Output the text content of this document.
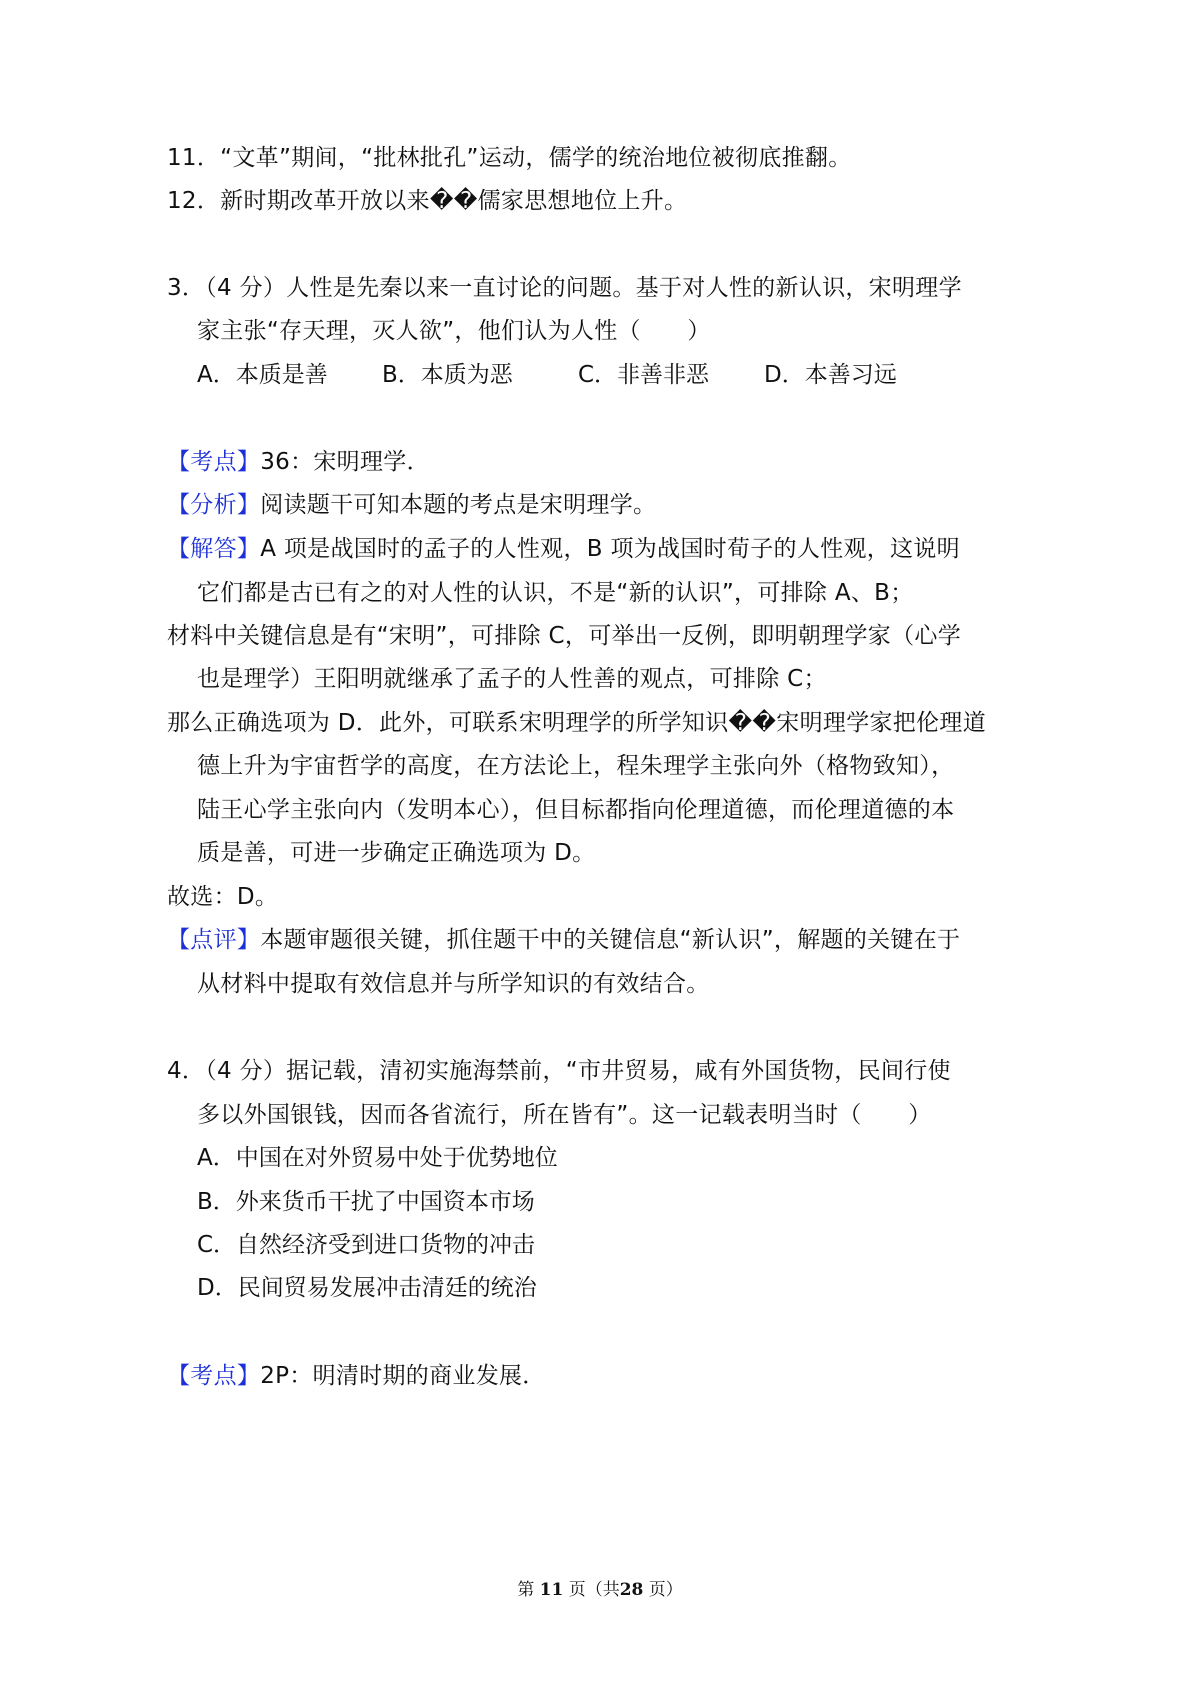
11．“文革”期间，“批林批孔”运动，儒学的统治地位被彻底推翻。
12．新时期改革开放以来��儒家思想地位上升。
3．（4 分）人性是先秦以来一直讨论的问题。基于对人性的新认识，宋明理学
家主张“存天理，灭人欲”，他们认为人性（　　）
A．本质是善 B．本质为恶	C．非善非恶 D．本善习远
【考点】36：宋明理学．
【分析】阅读题干可知本题的考点是宋明理学。
【解答】A 项是战国时的孟子的人性观，B 项为战国时荀子的人性观，这说明
它们都是古已有之的对人性的认识，不是“新的认识”，可排除 A、B；
材料中关键信息是有“宋明”，可排除 C，可举出一反例，即明朝理学家（心学
也是理学）王阳明就继承了孟子的人性善的观点，可排除 C；
那么正确选项为 D．此外，可联系宋明理学的所学知识��宋明理学家把伦理道
德上升为宇宙哲学的高度，在方法论上，程朱理学主张向外（格物致知），
陆王心学主张向内（发明本心），但目标都指向伦理道德，而伦理道德的本
质是善，可进一步确定正确选项为 D。
故选：D。
【点评】本题审题很关键，抓住题干中的关键信息“新认识”，解题的关键在于
从材料中提取有效信息并与所学知识的有效结合。
4．（4 分）据记载，清初实施海禁前，“市井贸易，咸有外国货物，民间行使
多以外国银钱，因而各省流行，所在皆有”。这一记载表明当时（　　）
A．中国在对外贸易中处于优势地位
B．外来货币干扰了中国资本市场
C．自然经济受到进口货物的冲击
D．民间贸易发展冲击清廷的统治
【考点】2P：明清时期的商业发展．
第 11 页（共28 页）
